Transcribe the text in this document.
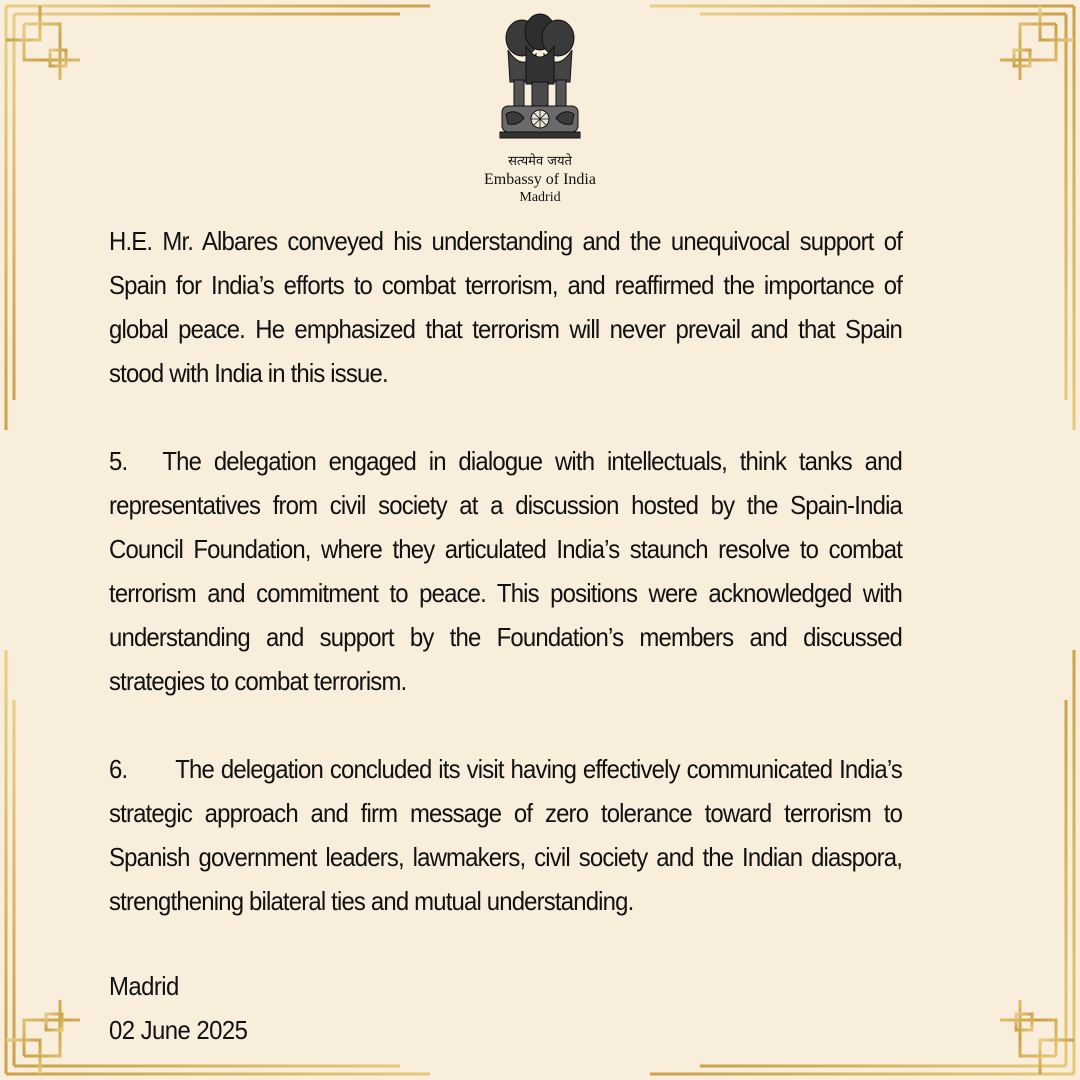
सत्यमेव जयते
Embassy of India
Madrid

H.E. Mr. Albares conveyed his understanding and the unequivocal support of Spain for India’s efforts to combat terrorism, and reaffirmed the importance of global peace. He emphasized that terrorism will never prevail and that Spain stood with India in this issue.

5. The delegation engaged in dialogue with intellectuals, think tanks and representatives from civil society at a discussion hosted by the Spain-India Council Foundation, where they articulated India’s staunch resolve to combat terrorism and commitment to peace. This positions were acknowledged with understanding and support by the Foundation’s members and discussed strategies to combat terrorism.

6. The delegation concluded its visit having effectively communicated India’s strategic approach and firm message of zero tolerance toward terrorism to Spanish government leaders, lawmakers, civil society and the Indian diaspora, strengthening bilateral ties and mutual understanding.

Madrid
02 June 2025
